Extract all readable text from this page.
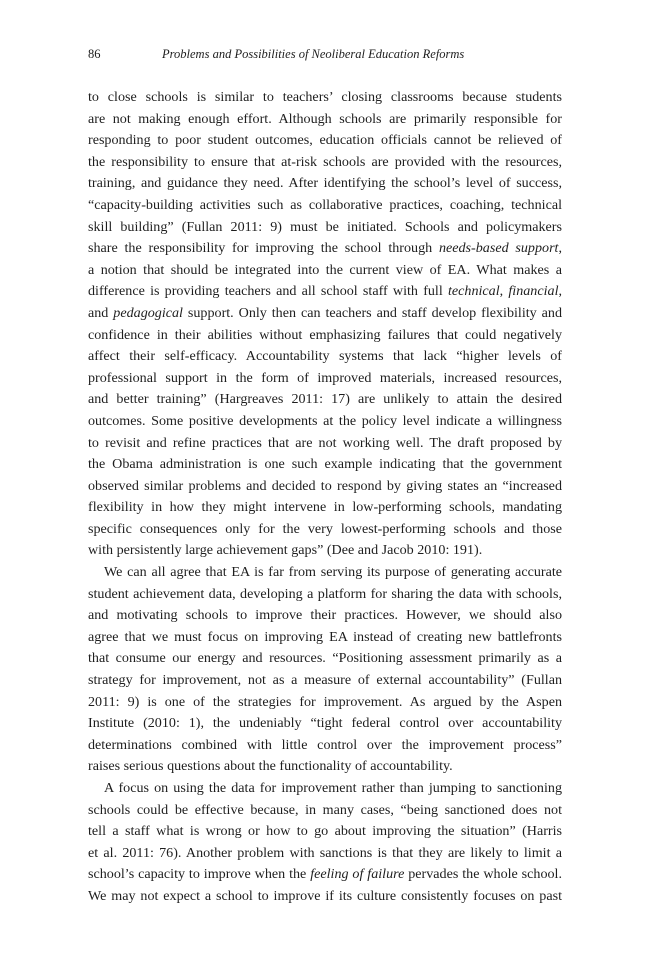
86	Problems and Possibilities of Neoliberal Education Reforms
to close schools is similar to teachers’ closing classrooms because students
are not making enough effort. Although schools are primarily responsible for
responding to poor student outcomes, education officials cannot be relieved of
the responsibility to ensure that at-risk schools are provided with the resources,
training, and guidance they need. After identifying the school’s level of success,
“capacity-building activities such as collaborative practices, coaching, technical
skill building” (Fullan 2011: 9) must be initiated. Schools and policymakers
share the responsibility for improving the school through needs-based support,
a notion that should be integrated into the current view of EA. What makes a
difference is providing teachers and all school staff with full technical, financial,
and pedagogical support. Only then can teachers and staff develop flexibility and
confidence in their abilities without emphasizing failures that could negatively
affect their self-efficacy. Accountability systems that lack “higher levels of
professional support in the form of improved materials, increased resources,
and better training” (Hargreaves 2011: 17) are unlikely to attain the desired
outcomes. Some positive developments at the policy level indicate a willingness
to revisit and refine practices that are not working well. The draft proposed by
the Obama administration is one such example indicating that the government
observed similar problems and decided to respond by giving states an “increased
flexibility in how they might intervene in low-performing schools, mandating
specific consequences only for the very lowest-performing schools and those
with persistently large achievement gaps” (Dee and Jacob 2010: 191).
We can all agree that EA is far from serving its purpose of generating accurate
student achievement data, developing a platform for sharing the data with schools,
and motivating schools to improve their practices. However, we should also
agree that we must focus on improving EA instead of creating new battlefronts
that consume our energy and resources. “Positioning assessment primarily as a
strategy for improvement, not as a measure of external accountability” (Fullan
2011: 9) is one of the strategies for improvement. As argued by the Aspen
Institute (2010: 1), the undeniably “tight federal control over accountability
determinations combined with little control over the improvement process”
raises serious questions about the functionality of accountability.
A focus on using the data for improvement rather than jumping to sanctioning
schools could be effective because, in many cases, “being sanctioned does not
tell a staff what is wrong or how to go about improving the situation” (Harris
et al. 2011: 76). Another problem with sanctions is that they are likely to limit a
school’s capacity to improve when the feeling of failure pervades the whole school.
We may not expect a school to improve if its culture consistently focuses on past
